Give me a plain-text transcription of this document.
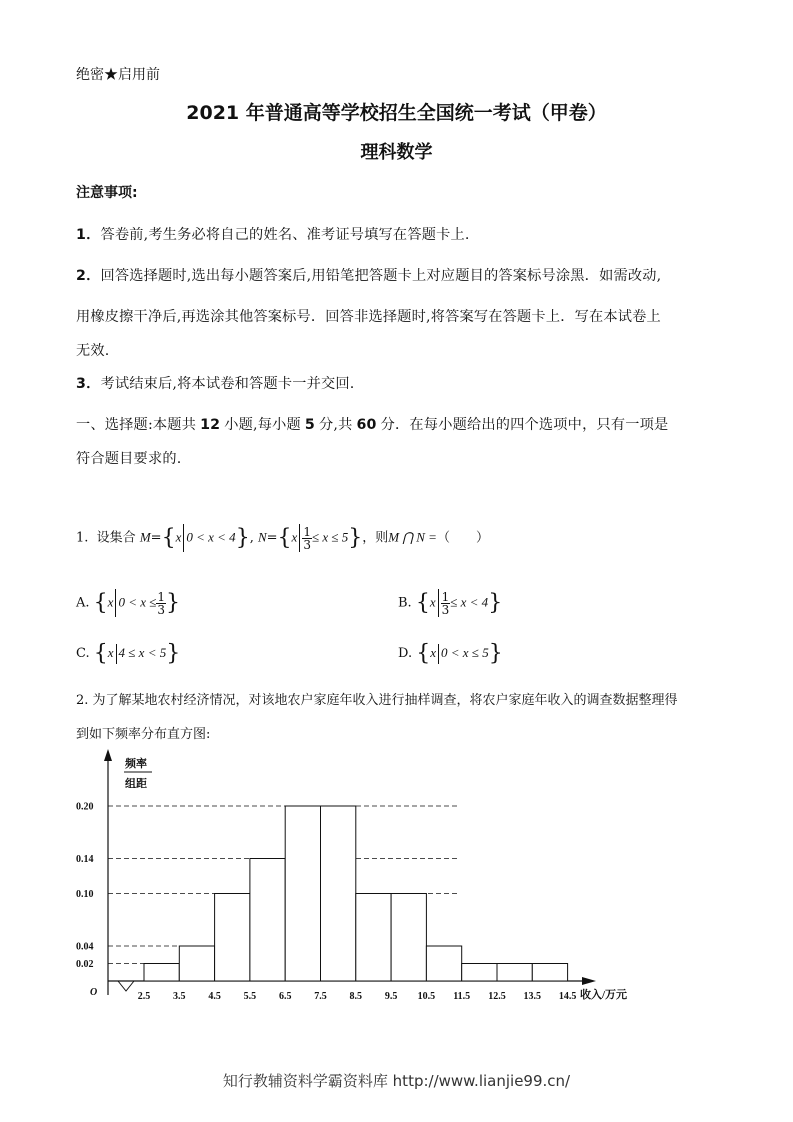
绝密★启用前
2021 年普通高等学校招生全国统一考试（甲卷）
理科数学
注意事项:
1．答卷前,考生务必将自己的姓名、准考证号填写在答题卡上.
2．回答选择题时,选出每小题答案后,用铅笔把答题卡上对应题目的答案标号涂黑．如需改动,
用橡皮擦干净后,再选涂其他答案标号．回答非选择题时,将答案写在答题卡上．写在本试卷上
无效.
3．考试结束后,将本试卷和答题卡一并交回.
一、选择题:本题共 12 小题,每小题 5 分,共 60 分．在每小题给出的四个选项中，只有一项是
符合题目要求的.
1. 设集合 M={x 0 < x < 4}, $N=\{x \frac{1}{3} \le x \le 5\}$，则M ⋂ N =（　　）
A. {x $0 < x \le \frac{1}{3}$ }	B. $\{x \frac{1}{3} \le x < 4\}$
C. {x 4 ≤ x < 5}	D. {x 0 < x ≤ 5}
2. 为了解某地农村经济情况，对该地农户家庭年收入进行抽样调查，将农户家庭年收入的调查数据整理得
到如下频率分布直方图:
频率
组距
收入/万元
O
0.20
0.14
0.10
0.04
0.02
2.5 3.5 4.5 5.5 6.5 7.5 8.5 9.5 10.5 11.5 12.5 13.5 14.5
知行教辅资料学霸资料库 http://www.lianjie99.cn/
